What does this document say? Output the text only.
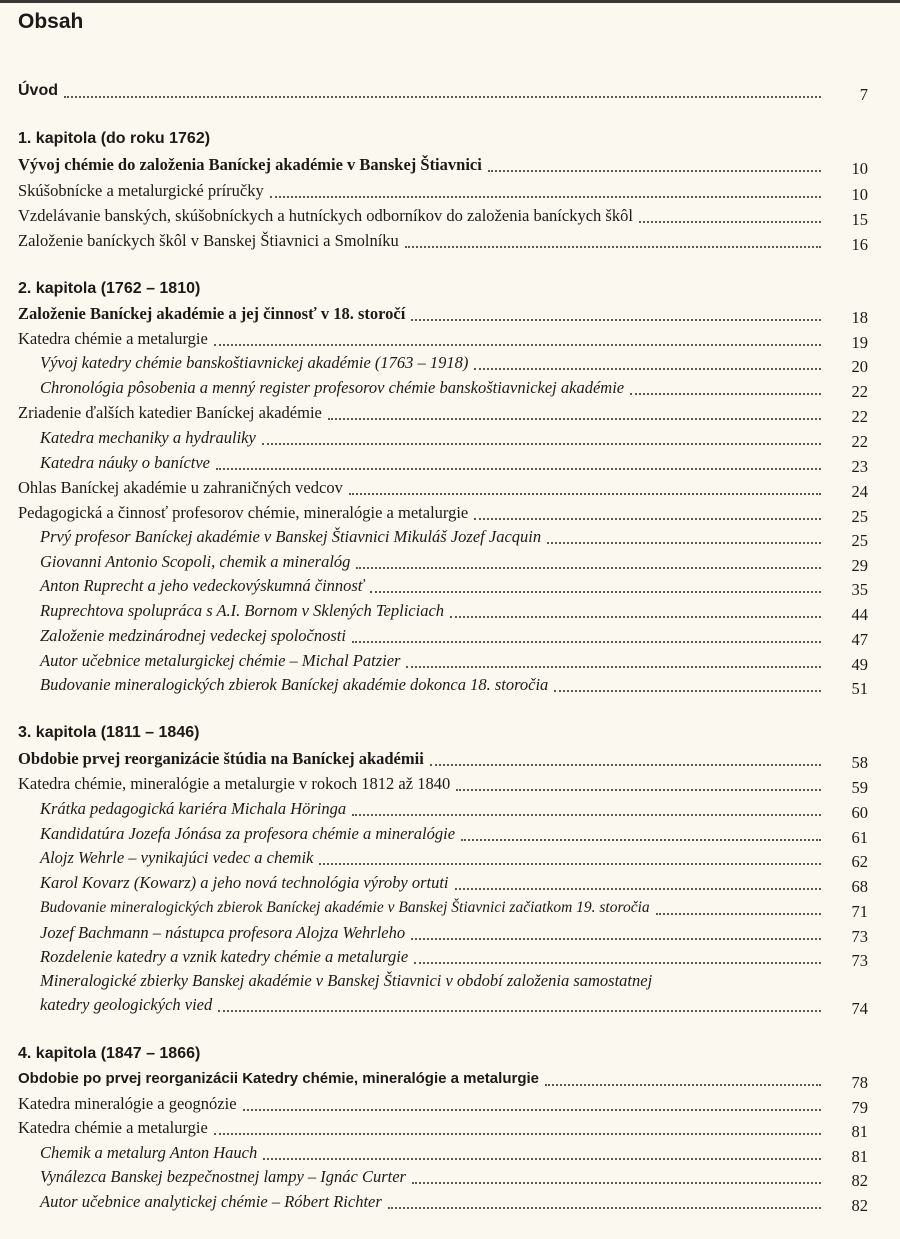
Obsah
Úvod	7
1. kapitola (do roku 1762)
Vývoj chémie do založenia Baníckej akadémie v Banskej Štiavnici	10
Skúšobnícke a metalurgické príručky	10
Vzdelávanie banských, skúšobníckych a hutníckych odborníkov do založenia baníckych škôl	15
Založenie baníckych škôl v Banskej Štiavnici a Smolníku	16
2. kapitola (1762 – 1810)
Založenie Baníckej akadémie a jej činnosť v 18. storočí	18
Katedra chémie a metalurgie	19
Vývoj katedry chémie banskoštiavnickej akadémie (1763 – 1918)	20
Chronológia pôsobenia a menný register profesorov chémie banskoštiavnickej akadémie	22
Zriadenie ďalších katedier Baníckej akadémie	22
Katedra mechaniky a hydrauliky	22
Katedra náuky o baníctve	23
Ohlas Baníckej akadémie u zahraničných vedcov	24
Pedagogická a činnosť profesorov chémie, mineralógie a metalurgie	25
Prvý profesor Baníckej akadémie v Banskej Štiavnici Mikuláš Jozef Jacquin	25
Giovanni Antonio Scopoli, chemik a mineralóg	29
Anton Ruprecht a jeho vedeckovýskumná činnosť	35
Ruprechtova spolupráca s A.I. Bornom v Sklených Tepliciach	44
Založenie medzinárodnej vedeckej spoločnosti	47
Autor učebnice metalurgickej chémie – Michal Patzier	49
Budovanie mineralogických zbierok Baníckej akadémie dokonca 18. storočia	51
3. kapitola (1811 – 1846)
Obdobie prvej reorganizácie štúdia na Baníckej akadémii	58
Katedra chémie, mineralógie a metalurgie v rokoch 1812 až 1840	59
Krátka pedagogická kariéra Michala Höringa	60
Kandidatúra Jozefa Jónása za profesora chémie a mineralógie	61
Alojz Wehrle – vynikajúci vedec a chemik	62
Karol Kovarz (Kowarz) a jeho nová technológia výroby ortuti	68
Budovanie mineralogických zbierok Baníckej akadémie v Banskej Štiavnici začiatkom 19. storočia	71
Jozef Bachmann – nástupca profesora Alojza Wehrleho	73
Rozdelenie katedry a vznik katedry chémie a metalurgie	73
Mineralogické zbierky Banskej akadémie v Banskej Štiavnici v období založenia samostatnej
katedry geologických vied	74
4. kapitola (1847 – 1866)
Obdobie po prvej reorganizácii Katedry chémie, mineralógie a metalurgie	78
Katedra mineralógie a geognózie	79
Katedra chémie a metalurgie	81
Chemik a metalurg Anton Hauch	81
Vynálezca Banskej bezpečnostnej lampy – Ignác Curter	82
Autor učebnice analytickej chémie – Róbert Richter	82
